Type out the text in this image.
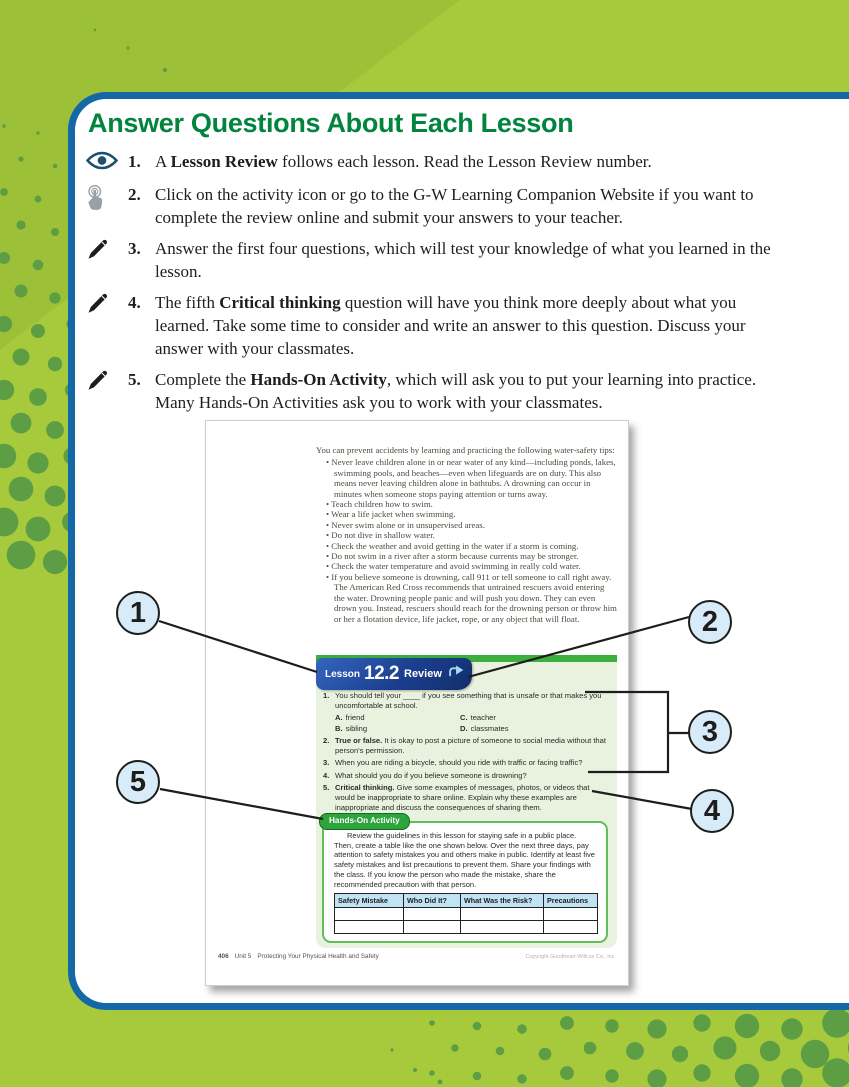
Answer Questions About Each Lesson
1. A Lesson Review follows each lesson. Read the Lesson Review number.
2. Click on the activity icon or go to the G-W Learning Companion Website if you want to complete the review online and submit your answers to your teacher.
3. Answer the first four questions, which will test your knowledge of what you learned in the lesson.
4. The fifth Critical thinking question will have you think more deeply about what you learned. Take some time to consider and write an answer to this question. Discuss your answer with your classmates.
5. Complete the Hands-On Activity, which will ask you to put your learning into practice. Many Hands-On Activities ask you to work with your classmates.

You can prevent accidents by learning and practicing the following water-safety tips:

• Never leave children alone in or near water of any kind—including ponds, lakes, swimming pools, and beaches—even when lifeguards are on duty. This also means never leaving children alone in bathtubs. A drowning can occur in minutes when someone stops paying attention or turns away.
• Teach children how to swim.
• Wear a life jacket when swimming.
• Never swim alone or in unsupervised areas.
• Do not dive in shallow water.
• Check the weather and avoid getting in the water if a storm is coming.
• Do not swim in a river after a storm because currents may be stronger.
• Check the water temperature and avoid swimming in really cold water.
• If you believe someone is drowning, call 911 or tell someone to call right away. The American Red Cross recommends that untrained rescuers avoid entering the water. Drowning people panic and will push you down. They can even drown you. Instead, rescuers should reach for the drowning person or throw him or her a flotation device, life jacket, rope, or any object that will float.
Lesson 12.2 Review
1. You should tell your ____ if you see something that is unsafe or that makes you uncomfortable at school.
A. friend	C. teacher
B. sibling	D. classmates
2. True or false. It is okay to post a picture of someone to social media without that person's permission.
3. When you are riding a bicycle, should you ride with traffic or facing traffic?
4. What should you do if you believe someone is drowning?
5. Critical thinking. Give some examples of messages, photos, or videos that would be inappropriate to share online. Explain why these examples are inappropriate and discuss the consequences of sharing them.
Hands-On Activity

Review the guidelines in this lesson for staying safe in a public place. Then, create a table like the one shown below. Over the next three days, pay attention to safety mistakes you and others make in public. Identify at least five safety mistakes and list precautions to prevent them. Share your findings with the class. If you know the person who made the mistake, share the recommended precaution with that person.

Safety Mistake	Who Did It?	What Was the Risk?	Precautions

406 Unit 5 Protecting Your Physical Health and Safety	Copyright Goodheart-Willcox Co., Inc.
1	2
3
4
5
